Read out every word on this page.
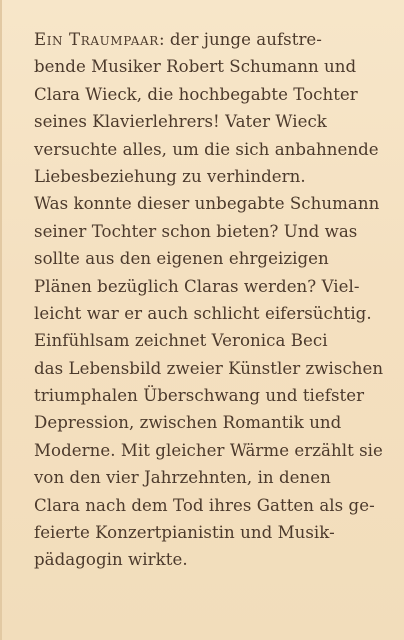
Ein Traumpaar: der junge aufstre-
bende Musiker Robert Schumann und
Clara Wieck, die hochbegabte Tochter
seines Klavierlehrers! Vater Wieck
versuchte alles, um die sich anbahnende
Liebesbeziehung zu verhindern.
Was konnte dieser unbegabte Schumann
seiner Tochter schon bieten? Und was
sollte aus den eigenen ehrgeizigen
Plänen bezüglich Claras werden? Viel-
leicht war er auch schlicht eifersüchtig.
Einfühlsam zeichnet Veronica Beci
das Lebensbild zweier Künstler zwischen
triumphalen Überschwang und tiefster
Depression, zwischen Romantik und
Moderne. Mit gleicher Wärme erzählt sie
von den vier Jahrzehnten, in denen
Clara nach dem Tod ihres Gatten als ge-
feierte Konzertpianistin und Musik-
pädagogin wirkte.
